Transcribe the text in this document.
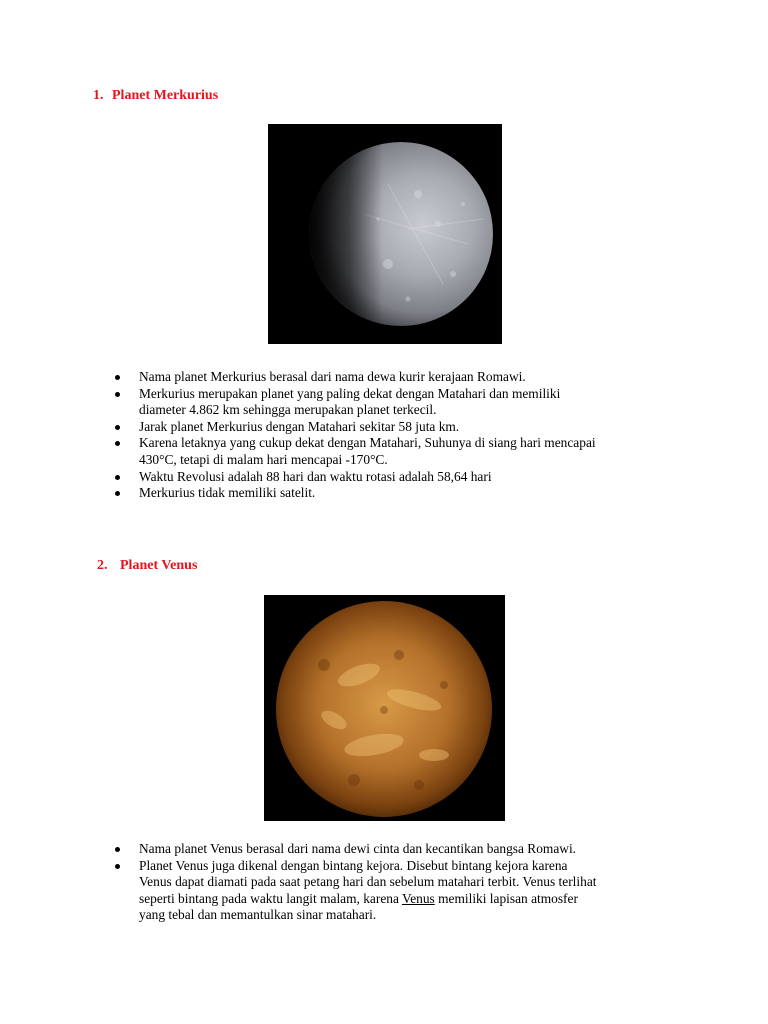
1. Planet Merkurius
Nama planet Merkurius berasal dari nama dewa kurir kerajaan Romawi.
Merkurius merupakan planet yang paling dekat dengan Matahari dan memiliki
diameter 4.862 km sehingga merupakan planet terkecil.
Jarak planet Merkurius dengan Matahari sekitar 58 juta km.
Karena letaknya yang cukup dekat dengan Matahari, Suhunya di siang hari mencapai
430°C, tetapi di malam hari mencapai -170°C.
Waktu Revolusi adalah 88 hari dan waktu rotasi adalah 58,64 hari
Merkurius tidak memiliki satelit.
2. Planet Venus
Nama planet Venus berasal dari nama dewi cinta dan kecantikan bangsa Romawi.
Planet Venus juga dikenal dengan bintang kejora. Disebut bintang kejora karena
Venus dapat diamati pada saat petang hari dan sebelum matahari terbit. Venus terlihat
seperti bintang pada waktu langit malam, karena Venus memiliki lapisan atmosfer
yang tebal dan memantulkan sinar matahari.
